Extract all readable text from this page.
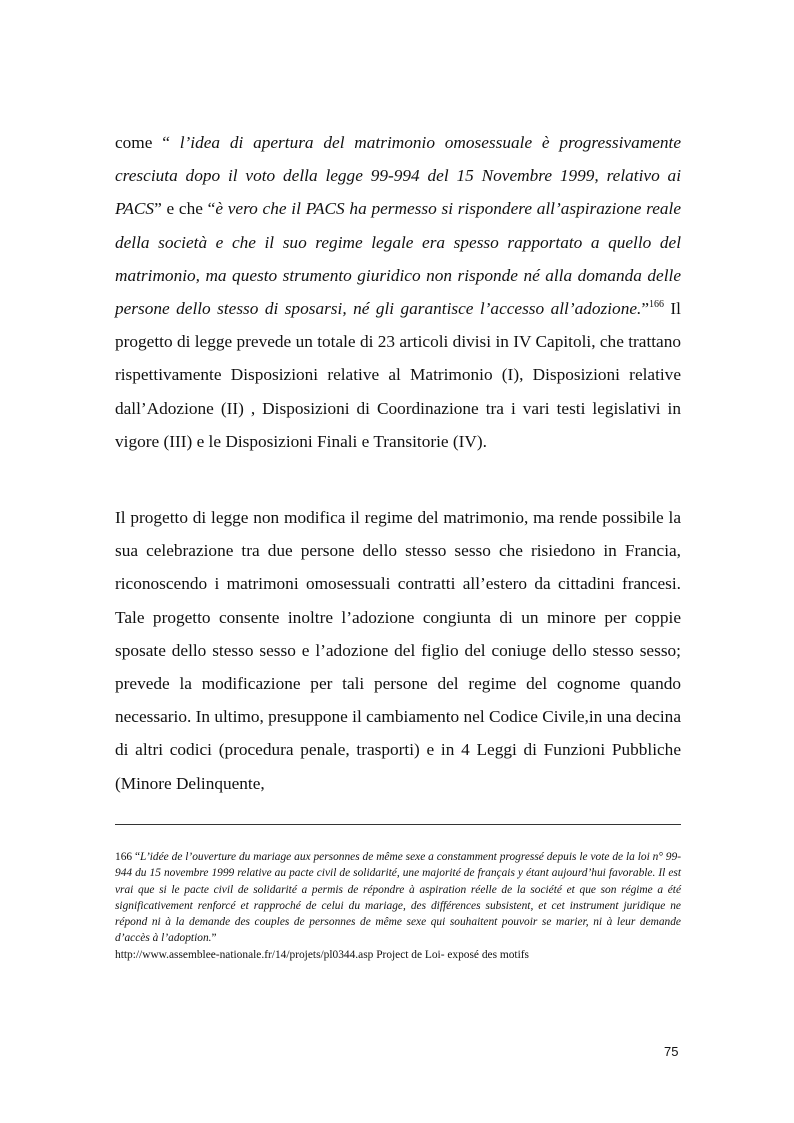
come “ l’idea di apertura del matrimonio omosessuale è progressivamente cresciuta dopo il voto della legge 99-994 del 15 Novembre 1999, relativo ai PACS” e che “è vero che il PACS ha permesso si rispondere all’aspirazione reale della società e che il suo regime legale era spesso rapportato a quello del matrimonio, ma questo strumento giuridico non risponde né alla domanda delle persone dello stesso di sposarsi, né gli garantisce l’accesso all’adozione.”$^{166}$ Il progetto di legge prevede un totale di 23 articoli divisi in IV Capitoli, che trattano rispettivamente Disposizioni relative al Matrimonio (I), Disposizioni relative dall’Adozione (II) , Disposizioni di Coordinazione tra i vari testi legislativi in vigore (III) e le Disposizioni Finali e Transitorie (IV).

Il progetto di legge non modifica il regime del matrimonio, ma rende possibile la sua celebrazione tra due persone dello stesso sesso che risiedono in Francia, riconoscendo i matrimoni omosessuali contratti all’estero da cittadini francesi. Tale progetto consente inoltre l’adozione congiunta di un minore per coppie sposate dello stesso sesso e l’adozione del figlio del coniuge dello stesso sesso; prevede la modificazione per tali persone del regime del cognome quando necessario. In ultimo, presuppone il cambiamento nel Codice Civile,in una decina di altri codici (procedura penale, trasporti) e in 4 Leggi di Funzioni Pubbliche (Minore Delinquente,

166 “L’idée de l’ouverture du mariage aux personnes de même sexe a constamment progressé depuis le vote de la loi n° 99-944 du 15 novembre 1999 relative au pacte civil de solidarité, une majorité de français y étant aujourd’hui favorable. Il est vrai que si le pacte civil de solidarité a permis de répondre à aspiration réelle de la société et que son régime a été significativement renforcé et rapproché de celui du mariage, des différences subsistent, et cet instrument juridique ne répond ni à la demande des couples de personnes de même sexe qui souhaitent pouvoir se marier, ni à leur demande d’accès à l’adoption.”

http://www.assemblee-nationale.fr/14/projets/pl0344.asp Project de Loi- exposé des motifs

75
